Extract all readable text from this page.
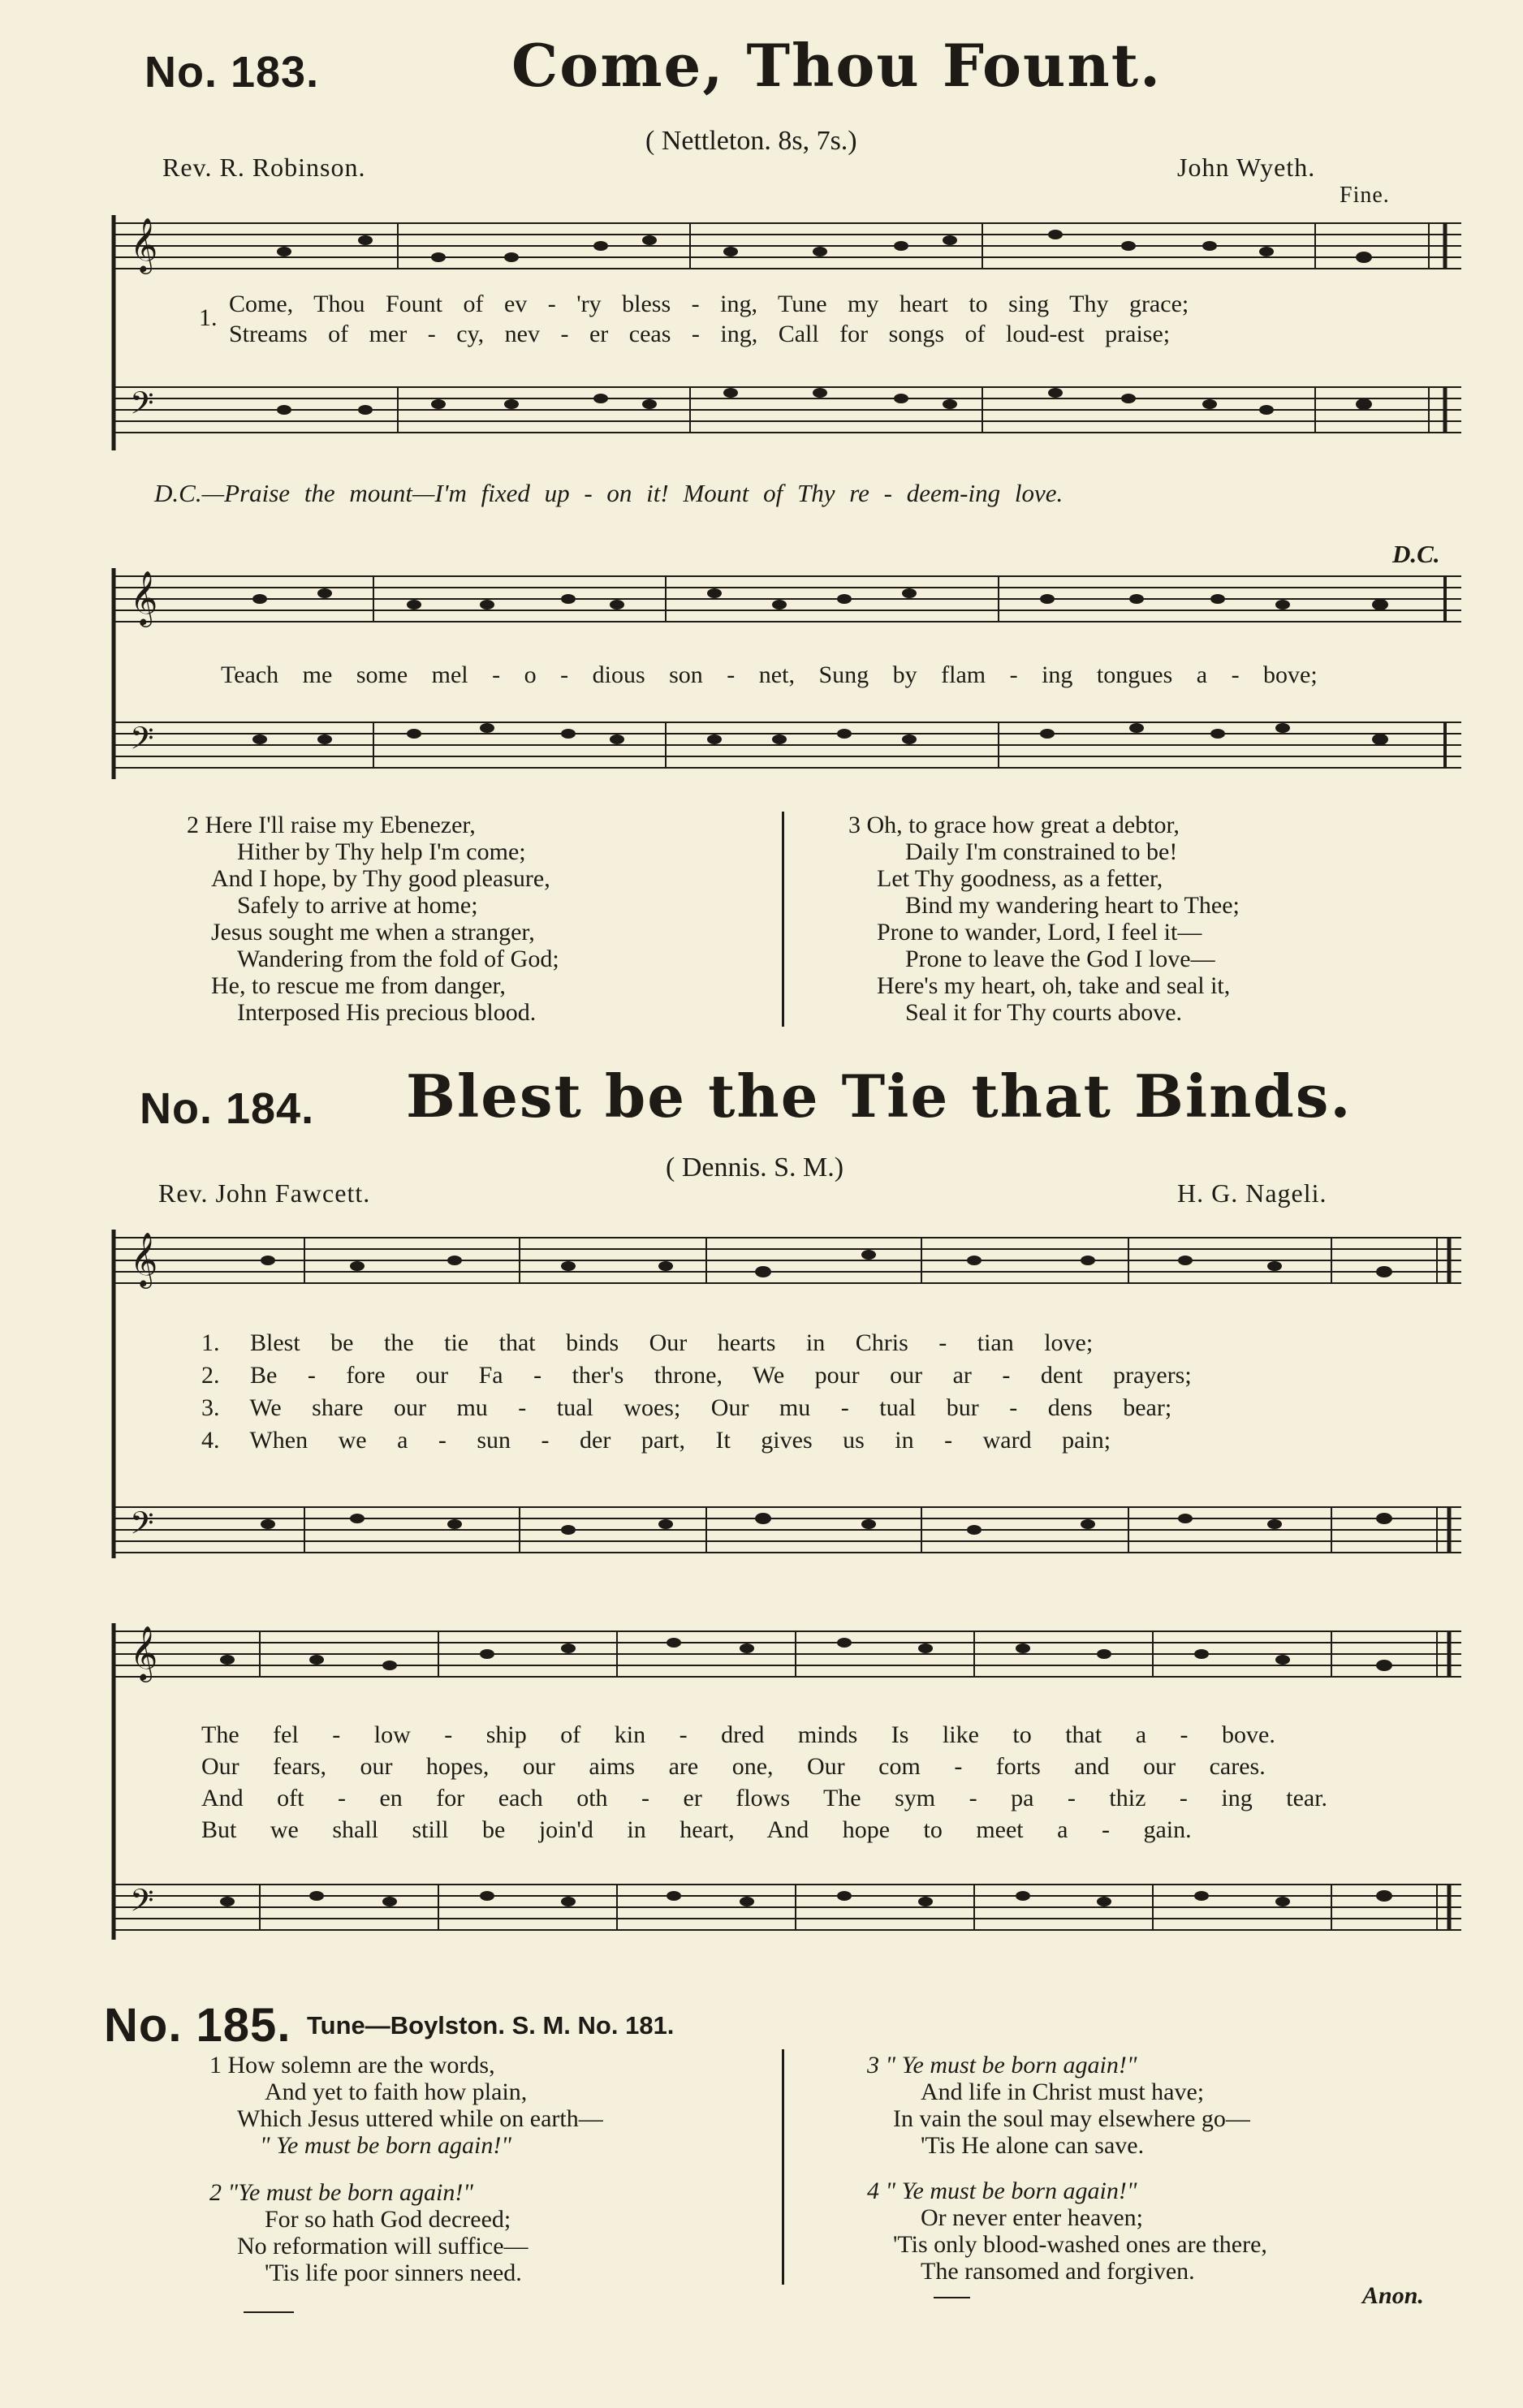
No. 183.	Come, Thou Fount.
( Nettleton. 8s, 7s.)
Rev. R. Robinson.	John Wyeth.
Fine.
𝄞
𝄢
1.
Come, Thou Fount of ev - 'ry bless - ing, Tune my heart to sing Thy grace;
Streams of mer - cy, nev - er ceas - ing, Call for songs of loud-est praise;
D.C.—Praise the mount—I'm fixed up - on it! Mount of Thy re - deem-ing love.
D.C.
𝄞
𝄢
Teach me some mel - o - dious son - net, Sung by flam - ing tongues a - bove;
2 Here I'll raise my Ebenezer,
Hither by Thy help I'm come;
And I hope, by Thy good pleasure,
Safely to arrive at home;
Jesus sought me when a stranger,
Wandering from the fold of God;
He, to rescue me from danger,
Interposed His precious blood.
3 Oh, to grace how great a debtor,
Daily I'm constrained to be!
Let Thy goodness, as a fetter,
Bind my wandering heart to Thee;
Prone to wander, Lord, I feel it—
Prone to leave the God I love—
Here's my heart, oh, take and seal it,
Seal it for Thy courts above.
No. 184. Blest be the Tie that Binds.
( Dennis. S. M.)
Rev. John Fawcett.	H. G. Nageli.
𝄞
𝄢
1. Blest be the tie that binds Our hearts in Chris - tian love;
2. Be - fore our Fa - ther's throne, We pour our ar - dent prayers;
3. We share our mu - tual woes; Our mu - tual bur - dens bear;
4. When we a - sun - der part, It gives us in - ward pain;
𝄞
𝄢
The fel - low - ship of kin - dred minds Is like to that a - bove.
Our fears, our hopes, our aims are one, Our com - forts and our cares.
And oft - en for each oth - er flows The sym - pa - thiz - ing tear.
But we shall still be join'd in heart, And hope to meet a - gain.
No. 185. Tune—Boylston. S. M. No. 181.
1 How solemn are the words,
And yet to faith how plain,
Which Jesus uttered while on earth—
" Ye must be born again!"
2 "Ye must be born again!"
For so hath God decreed;
No reformation will suffice—
'Tis life poor sinners need.
3 " Ye must be born again!"
And life in Christ must have;
In vain the soul may elsewhere go—
'Tis He alone can save.
4 " Ye must be born again!"
Or never enter heaven;
'Tis only blood-washed ones are there,
The ransomed and forgiven.
Anon.
